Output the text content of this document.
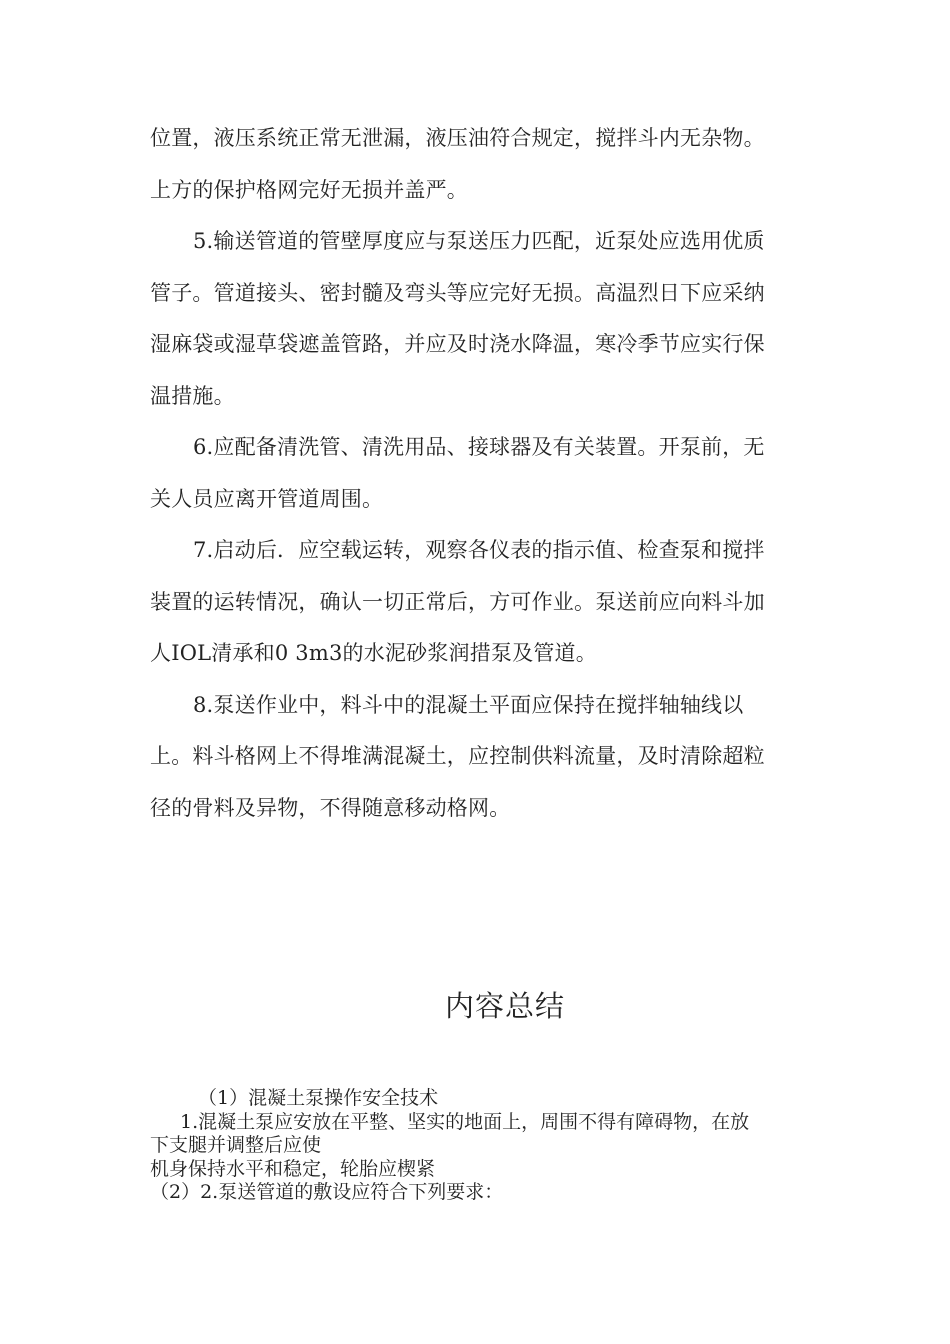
位置，液压系统正常无泄漏，液压油符合规定，搅拌斗内无杂物。
上方的保护格网完好无损并盖严。
5.输送管道的管壁厚度应与泵送压力匹配，近泵处应选用优质
管子。管道接头、密封髓及弯头等应完好无损。高温烈日下应采纳
湿麻袋或湿草袋遮盖管路，并应及时浇水降温，寒冷季节应实行保
温措施。
6.应配备清洗管、清洗用品、接球器及有关装置。开泵前，无
关人员应离开管道周围。
7.启动后．应空载运转，观察各仪表的指示值、检查泵和搅拌
装置的运转情况，确认一切正常后，方可作业。泵送前应向料斗加
人IOL清承和0 3m3的水泥砂浆润措泵及管道。
8.泵送作业中，料斗中的混凝土平面应保持在搅拌轴轴线以
上。料斗格网上不得堆满混凝土，应控制供料流量，及时清除超粒
径的骨料及异物，不得随意移动格网。
内容总结
（1）混凝土泵操作安全技术
1.混凝土泵应安放在平整、坚实的地面上，周围不得有障碍物，在放
下支腿并调整后应使
机身保持水平和稳定，轮胎应楔紧
（2）2.泵送管道的敷设应符合下列要求：
